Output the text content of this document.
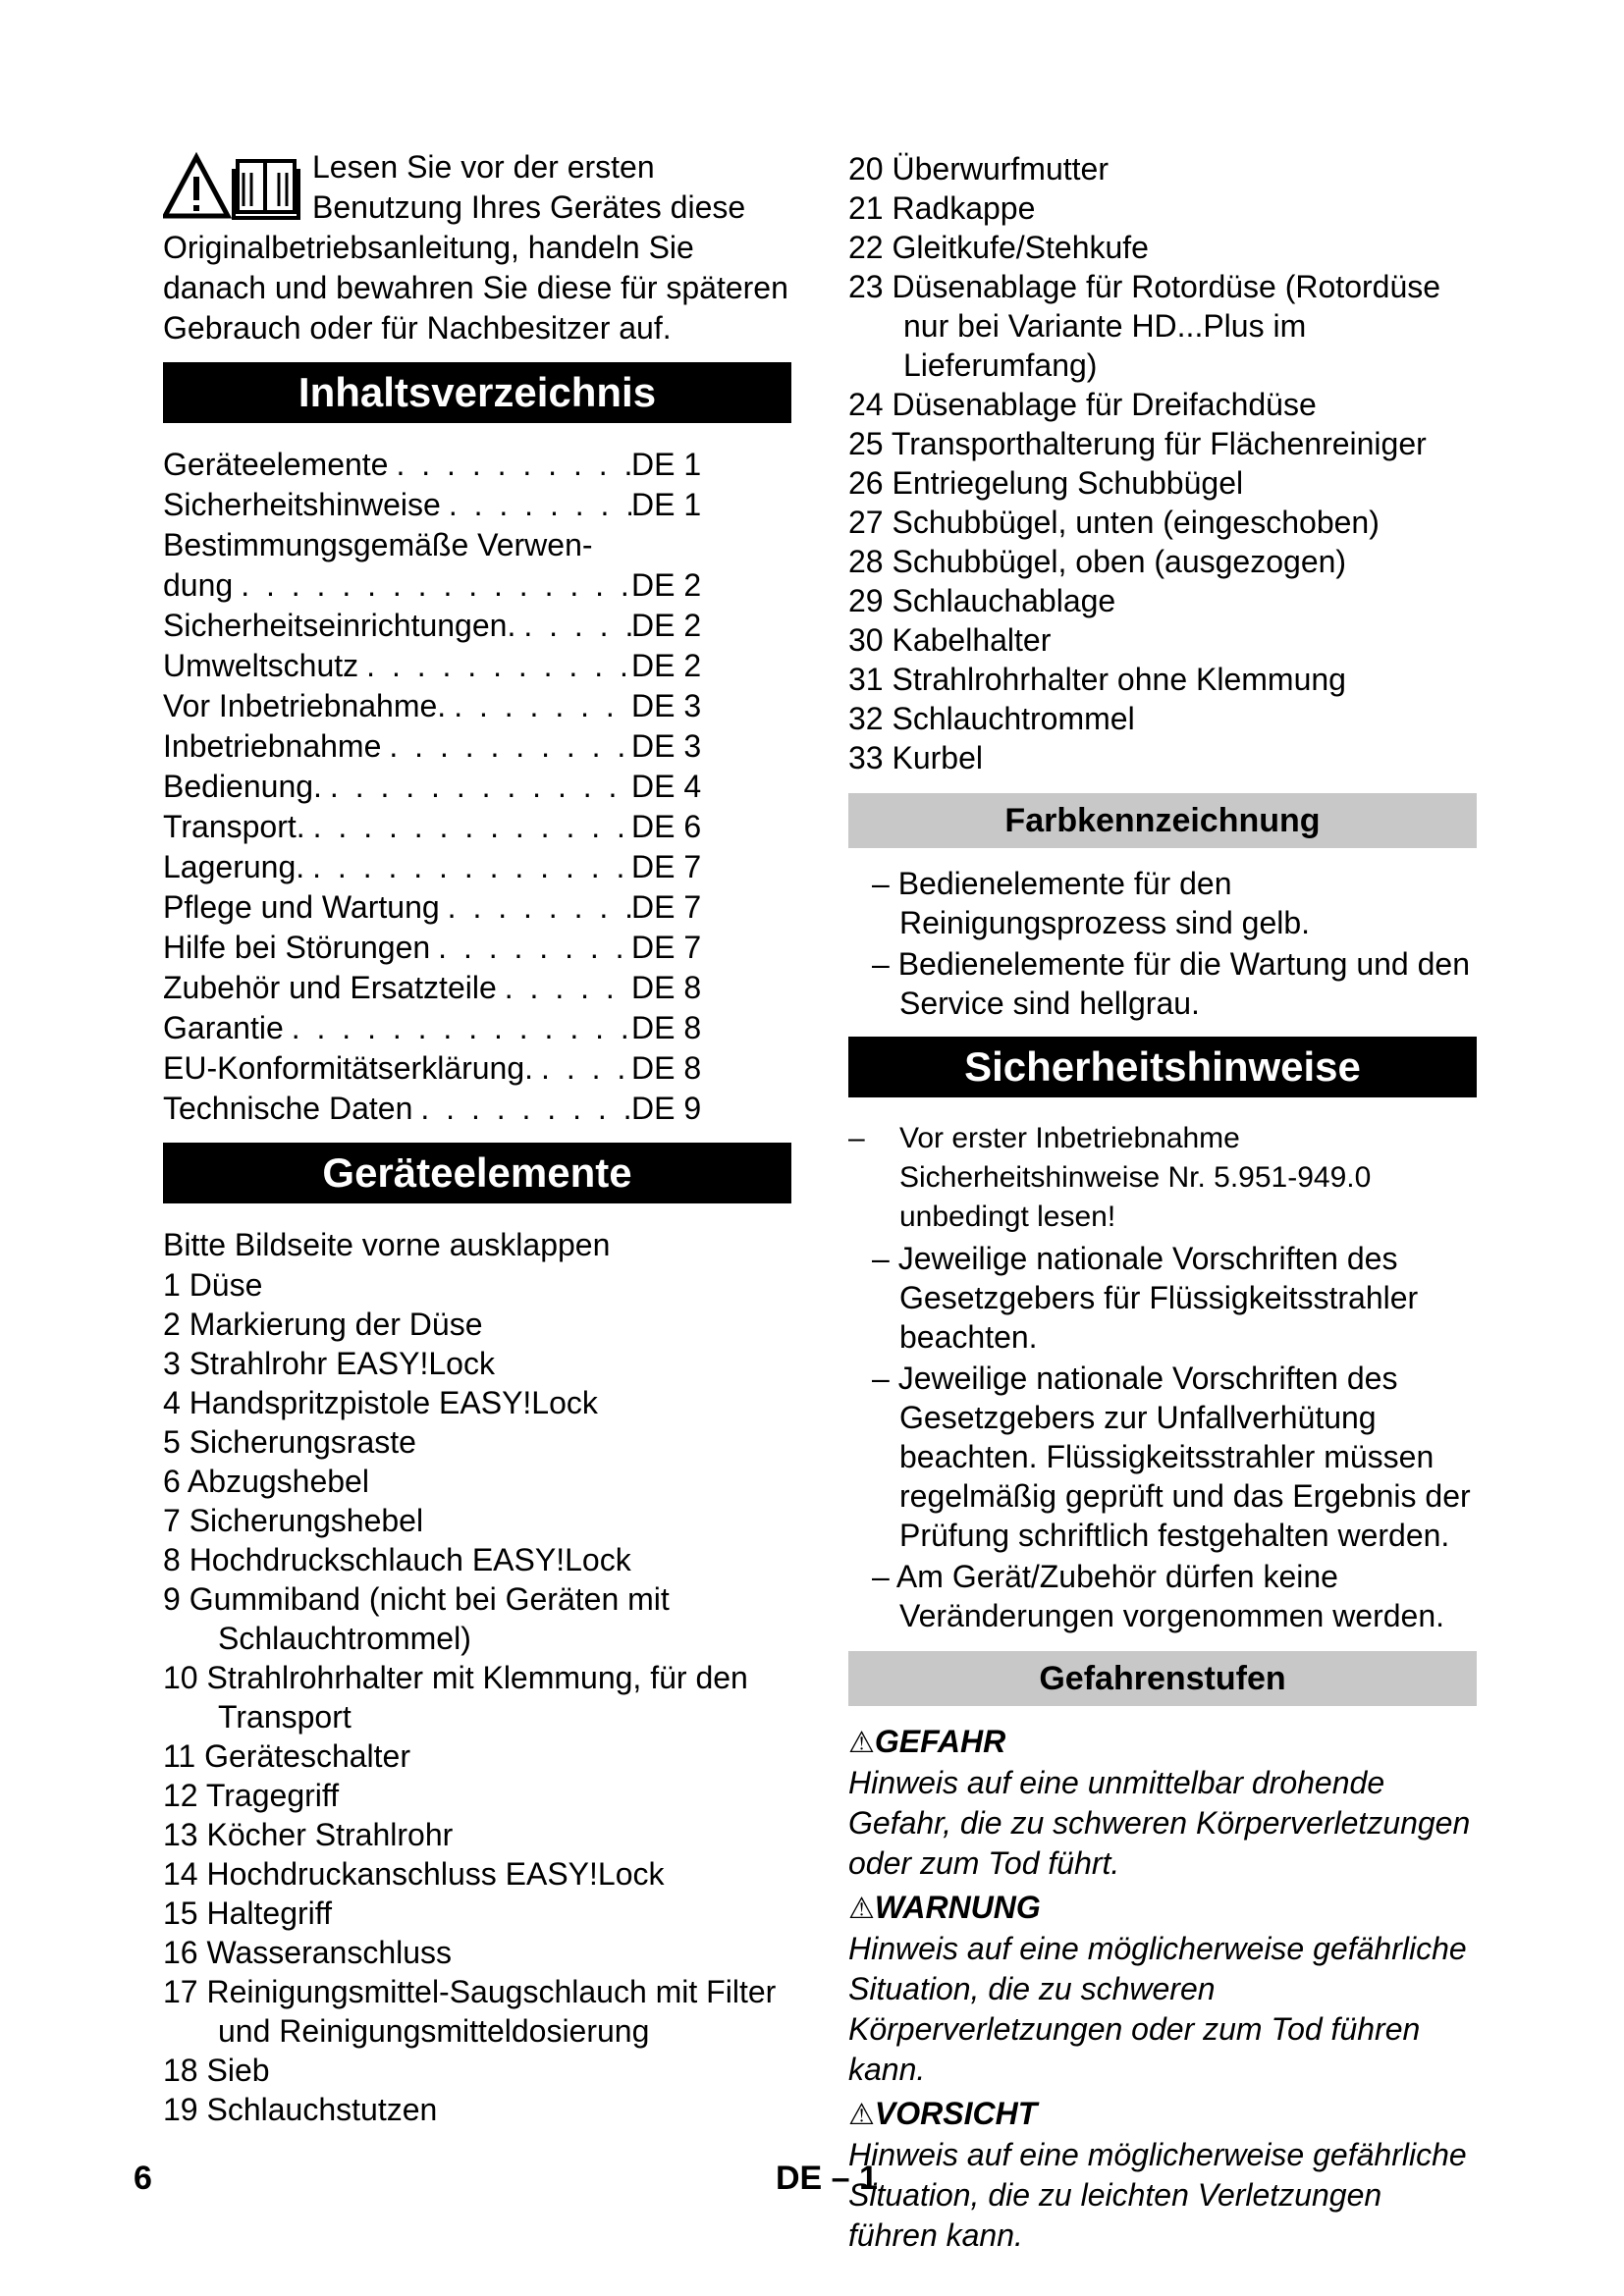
Lesen Sie vor der ersten Benutzung Ihres Gerätes diese Originalbetriebsanleitung, handeln Sie danach und bewahren Sie diese für späteren Gebrauch oder für Nachbesitzer auf.
Inhaltsverzeichnis
Geräteelemente . . .	DE 1
Sicherheitshinweise . . .	DE 1
Bestimmungsgemäße Verwen-
dung . . .	DE 2
Sicherheitseinrichtungen. . . .	DE 2
Umweltschutz . . .	DE 2
Vor Inbetriebnahme. . . .	DE 3
Inbetriebnahme . . .	DE 3
Bedienung. . . .	DE 4
Transport. . . .	DE 6
Lagerung. . . .	DE 7
Pflege und Wartung . . .	DE 7
Hilfe bei Störungen . . .	DE 7
Zubehör und Ersatzteile . . .	DE 8
Garantie . . .	DE 8
EU-Konformitätserklärung. . . .	DE 8
Technische Daten . . .	DE 9
Geräteelemente

Bitte Bildseite vorne ausklappen

1 Düse

2 Markierung der Düse

3 Strahlrohr EASY!Lock

4 Handspritzpistole EASY!Lock

5 Sicherungsraste

6 Abzugshebel

7 Sicherungshebel

8 Hochdruckschlauch EASY!Lock

9 Gummiband (nicht bei Geräten mit Schlauchtrommel)

10 Strahlrohrhalter mit Klemmung, für den Transport

11 Geräteschalter

12 Tragegriff

13 Köcher Strahlrohr

14 Hochdruckanschluss EASY!Lock

15 Haltegriff

16 Wasseranschluss

17 Reinigungsmittel-Saugschlauch mit Filter und Reinigungsmitteldosierung

18 Sieb

19 Schlauchstutzen

20 Überwurfmutter

21 Radkappe

22 Gleitkufe/Stehkufe

23 Düsenablage für Rotordüse (Rotordüse nur bei Variante HD...Plus im Lieferumfang)

24 Düsenablage für Dreifachdüse

25 Transporthalterung für Flächenreiniger

26 Entriegelung Schubbügel

27 Schubbügel, unten (eingeschoben)

28 Schubbügel, oben (ausgezogen)

29 Schlauchablage

30 Kabelhalter

31 Strahlrohrhalter ohne Klemmung

32 Schlauchtrommel

33 Kurbel

Farbkennzeichnung

– Bedienelemente für den Reinigungsprozess sind gelb.

– Bedienelemente für die Wartung und den Service sind hellgrau.

Sicherheitshinweise

– Vor erster Inbetriebnahme Sicherheitshinweise Nr. 5.951-949.0 unbedingt lesen!

– Jeweilige nationale Vorschriften des Gesetzgebers für Flüssigkeitsstrahler beachten.

– Jeweilige nationale Vorschriften des Gesetzgebers zur Unfallverhütung beachten. Flüssigkeitsstrahler müssen regelmäßig geprüft und das Ergebnis der Prüfung schriftlich festgehalten werden.

– Am Gerät/Zubehör dürfen keine Veränderungen vorgenommen werden.

Gefahrenstufen

⚠GEFAHR

Hinweis auf eine unmittelbar drohende Gefahr, die zu schweren Körperverletzungen oder zum Tod führt.

⚠WARNUNG

Hinweis auf eine möglicherweise gefährliche Situation, die zu schweren Körperverletzungen oder zum Tod führen kann.

⚠VORSICHT

Hinweis auf eine möglicherweise gefährliche Situation, die zu leichten Verletzungen führen kann.

6	DE – 1
